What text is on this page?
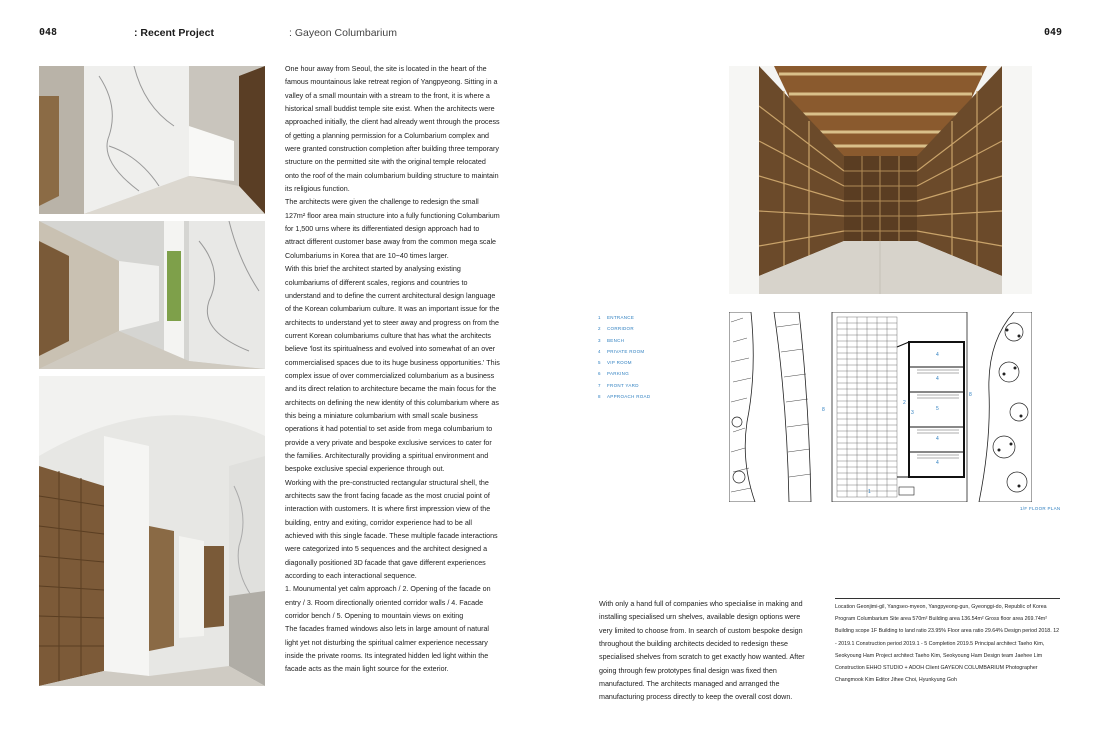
048	: Recent Project	: Gayeon Columbarium	049

One hour away from Seoul, the site is located in the heart of the famous mountainous lake retreat region of Yangpyeong. Sitting in a valley of a small mountain with a stream to the front, it is where a historical small buddist temple site exist. When the architects were approached initially, the client had already went through the process of getting a planning permission for a Columbarium complex and were granted construction completion after building three temporary structure on the permitted site with the original temple relocated onto the roof of the main columbarium building structure to maintain its religious function.

The architects were given the challenge to redesign the small 127m² floor area main structure into a fully functioning Columbarium for 1,500 urns where its differentiated design approach had to attract different customer base away from the common mega scale Columbariums in Korea that are 10~40 times larger.

With this brief the architect started by analysing existing columbariums of different scales, regions and countries to understand and to define the current architectural design language of the Korean columbarium culture. It was an important issue for the architects to understand yet to steer away and progress on from the current Korean columbariums culture that has what the architects believe 'lost its spiritualness and evolved into somewhat of an over commercialised spaces due to its huge business opportunities.' This complex issue of over commercialized columbarium as a business and its direct relation to architecture became the main focus for the architects on defining the new identity of this columbarium where as this being a miniature columbarium with small scale business operations it had potential to set aside from mega columbarium to provide a very private and bespoke exclusive services to cater for the families. Architecturally providing a spiritual environment and bespoke exclusive special experience through out.

Working with the pre-constructed rectangular structural shell, the architects saw the front facing facade as the most crucial point of interaction with customers. It is where first impression view of the building, entry and exiting, corridor experience had to be all achieved with this single facade. These multiple facade interactions were categorized into 5 sequences and the architect designed a diagonally positioned 3D facade that gave different experiences according to each interactional sequence.

1. Mounumental yet calm approach / 2. Opening of the facade on entry / 3. Room directionally oriented corridor walls / 4. Facade corridor bench / 5. Opening to mountain views on exiting

The facades framed windows also lets in large amount of natural light yet not disturbing the spiritual calmer experience necessary inside the private rooms. Its integrated hidden led light within the facade acts as the main light source for the exterior.

1 ENTRANCE
2 CORRIDOR
3 BENCH
4 PRIVATE ROOM
5 VIP ROOM
6 PARKING
7 FRONT YARD
8 APPROACH ROAD
4
4
5
4
4
2
3
8
8
1
1/F FLOOR PLAN

With only a hand full of companies who specialise in making and installing specialised urn shelves, available design options were very limited to choose from. In search of custom bespoke design throughout the building architects decided to redesign these specialised shelves from scratch to get exactly how wanted. After going through few prototypes final design was fixed then manufactured. The architects managed and arranged the manufacturing process directly to keep the overall cost down.

Location Geonjimi-gil, Yangseo-myeon, Yangpyeong-gun, Gyeonggi-do, Republic of Korea Program Columbarium Site area 570m² Building area 136.54m² Gross floor area 269.74m² Building scope 1F Building to land ratio 23.95% Floor area ratio 29.64% Design period 2018. 12 - 2019.1 Construction period 2019.1 - 5 Completion 2019.5 Principal architect Taeho Kim, Seokyoung Ham Project architect Taeho Kim, Seokyoung Ham Design team Jaehee Lim Construction EHHO STUDIO + ADOH Client GAYEON COLUMBARIUM Photographer Changmook Kim Editor Jihee Choi, Hyunkyung Goh
